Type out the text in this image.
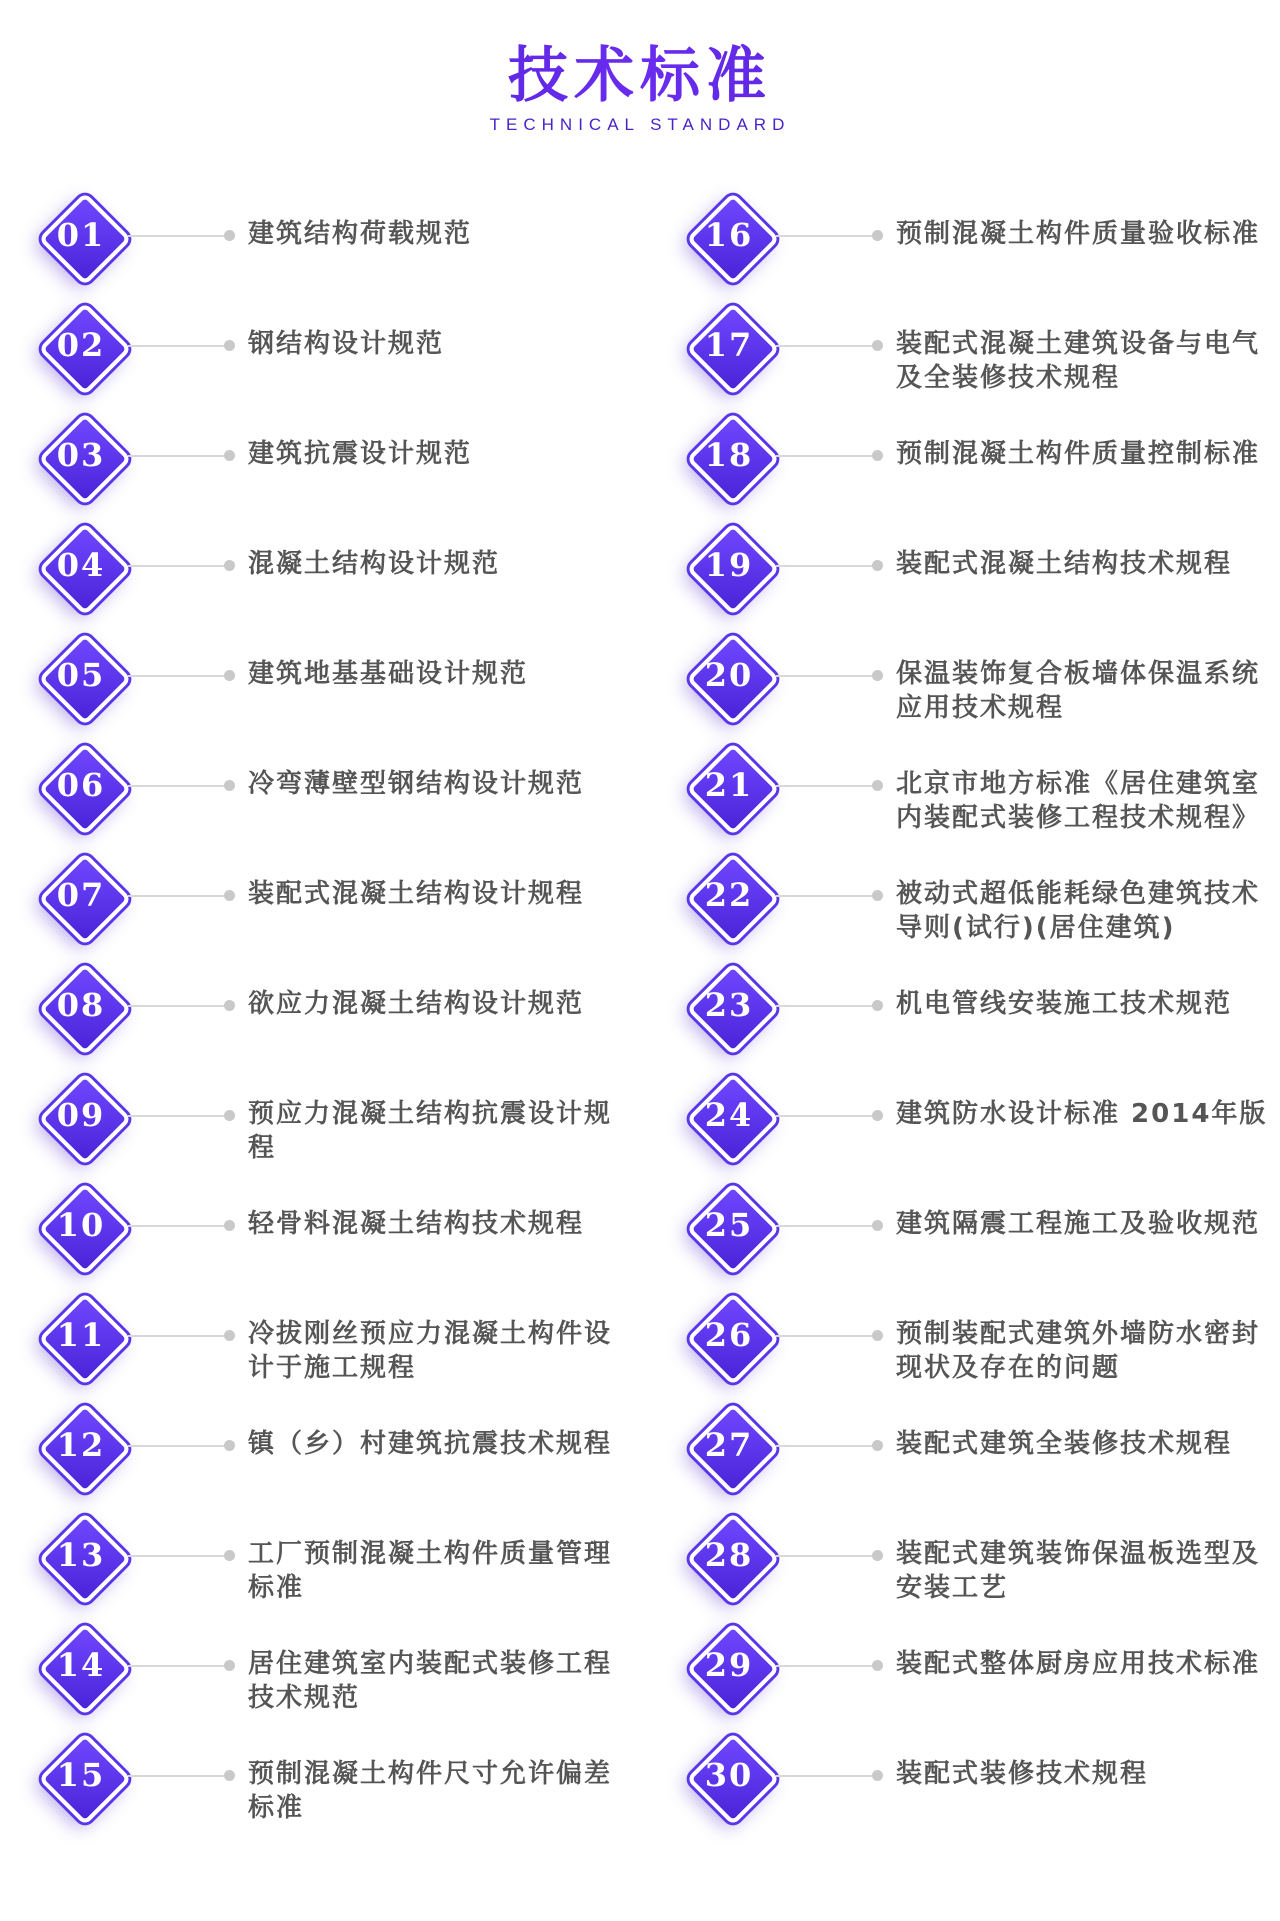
技术标准
TECHNICAL STANDARD
01	建筑结构荷载规范
02	钢结构设计规范
03	建筑抗震设计规范
04	混凝土结构设计规范
05	建筑地基基础设计规范
06	冷弯薄壁型钢结构设计规范
07	装配式混凝土结构设计规程
08	欲应力混凝土结构设计规范
09	预应力混凝土结构抗震设计规程
10	轻骨料混凝土结构技术规程
11	冷拔刚丝预应力混凝土构件设计于施工规程
12	镇（乡）村建筑抗震技术规程
13	工厂预制混凝土构件质量管理标准
14	居住建筑室内装配式装修工程技术规范
15	预制混凝土构件尺寸允许偏差标准
16	预制混凝土构件质量验收标准
17	装配式混凝土建筑设备与电气及全装修技术规程
18	预制混凝土构件质量控制标准
19	装配式混凝土结构技术规程
20	保温装饰复合板墙体保温系统应用技术规程
21	北京市地方标准《居住建筑室内装配式装修工程技术规程》
22	被动式超低能耗绿色建筑技术导则(试行)(居住建筑)
23	机电管线安装施工技术规范
24	建筑防水设计标准 2014年版
25	建筑隔震工程施工及验收规范
26	预制装配式建筑外墙防水密封现状及存在的问题
27	装配式建筑全装修技术规程
28	装配式建筑装饰保温板选型及安装工艺
29	装配式整体厨房应用技术标准
30	装配式装修技术规程
